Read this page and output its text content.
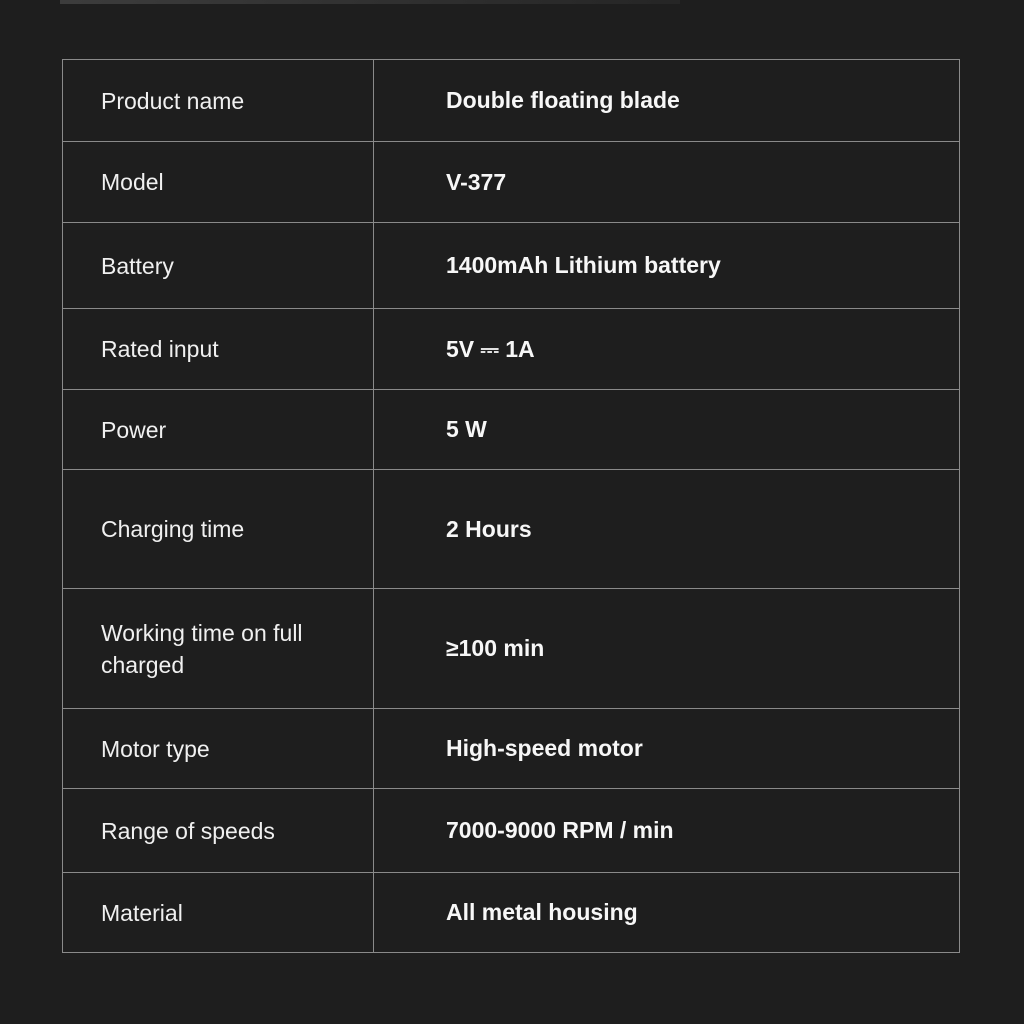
Product name	Double floating blade
Model	V-377
Battery	1400mAh Lithium battery
Rated input	5V ⎓ 1A
Power	5 W
Charging time	2 Hours
Working time on full charged	≥100 min
Motor type	High-speed motor
Range of speeds	7000-9000 RPM / min
Material	All metal housing
